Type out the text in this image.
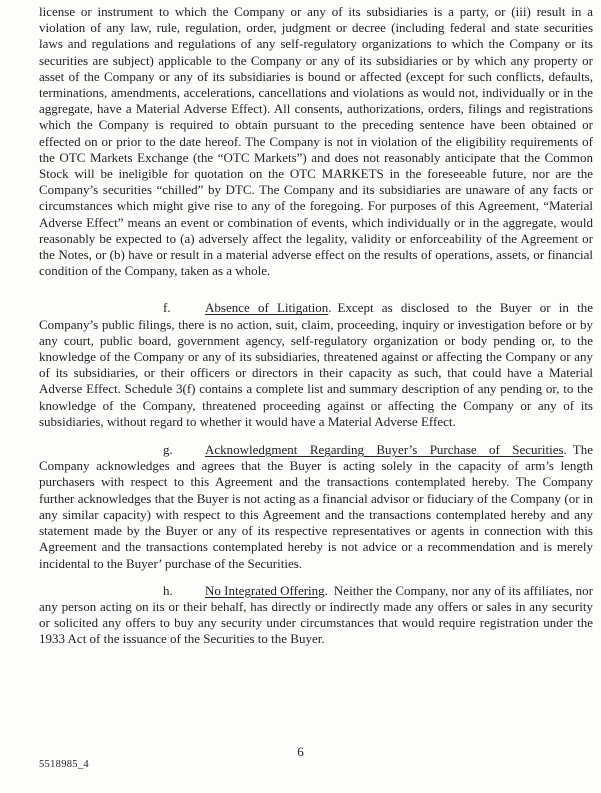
license or instrument to which the Company or any of its subsidiaries is a party, or (iii) result in a violation of any law, rule, regulation, order, judgment or decree (including federal and state securities laws and regulations and regulations of any self-regulatory organizations to which the Company or its securities are subject) applicable to the Company or any of its subsidiaries or by which any property or asset of the Company or any of its subsidiaries is bound or affected (except for such conflicts, defaults, terminations, amendments, accelerations, cancellations and violations as would not, individually or in the aggregate, have a Material Adverse Effect). All consents, authorizations, orders, filings and registrations which the Company is required to obtain pursuant to the preceding sentence have been obtained or effected on or prior to the date hereof. The Company is not in violation of the eligibility requirements of the OTC Markets Exchange (the “OTC Markets”) and does not reasonably anticipate that the Common Stock will be ineligible for quotation on the OTC MARKETS in the foreseeable future, nor are the Company’s securities “chilled” by DTC. The Company and its subsidiaries are unaware of any facts or circumstances which might give rise to any of the foregoing. For purposes of this Agreement, “Material Adverse Effect” means an event or combination of events, which individually or in the aggregate, would reasonably be expected to (a) adversely affect the legality, validity or enforceability of the Agreement or the Notes, or (b) have or result in a material adverse effect on the results of operations, assets, or financial condition of the Company, taken as a whole.

f.	Absence of Litigation. Except as disclosed to the Buyer or in the Company’s public filings, there is no action, suit, claim, proceeding, inquiry or investigation before or by any court, public board, government agency, self-regulatory organization or body pending or, to the knowledge of the Company or any of its subsidiaries, threatened against or affecting the Company or any of its subsidiaries, or their officers or directors in their capacity as such, that could have a Material Adverse Effect. Schedule 3(f) contains a complete list and summary description of any pending or, to the knowledge of the Company, threatened proceeding against or affecting the Company or any of its subsidiaries, without regard to whether it would have a Material Adverse Effect.

g. Acknowledgment Regarding Buyer’s Purchase of Securities. The Company acknowledges and agrees that the Buyer is acting solely in the capacity of arm’s length purchasers with respect to this Agreement and the transactions contemplated hereby. The Company further acknowledges that the Buyer is not acting as a financial advisor or fiduciary of the Company (or in any similar capacity) with respect to this Agreement and the transactions contemplated hereby and any statement made by the Buyer or any of its respective representatives or agents in connection with this Agreement and the transactions contemplated hereby is not advice or a recommendation and is merely incidental to the Buyer’ purchase of the Securities.

h. No Integrated Offering. Neither the Company, nor any of its affiliates, nor any person acting on its or their behalf, has directly or indirectly made any offers or sales in any security or solicited any offers to buy any security under circumstances that would require registration under the 1933 Act of the issuance of the Securities to the Buyer.

6
5518985_4
